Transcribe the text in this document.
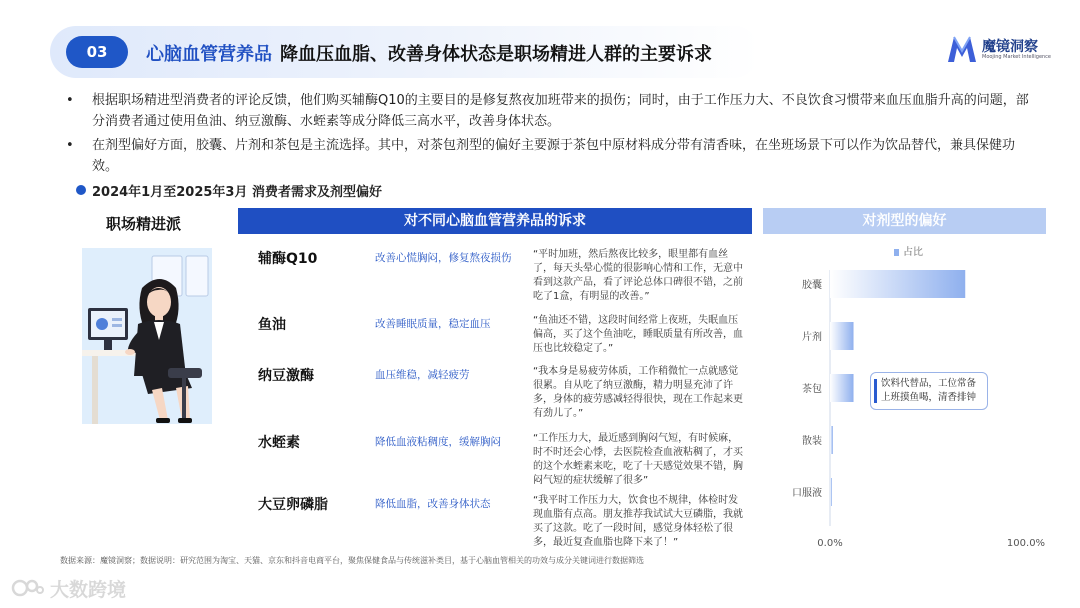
03	心脑血管营养品 降血压血脂、改善身体状态是职场精进人群的主要诉求	魔镜洞察
Moojing Market Intelligence
• 根据职场精进型消费者的评论反馈，他们购买辅酶Q10的主要目的是修复熬夜加班带来的损伤；同时，由于工作压力大、不良饮食习惯带来血压血脂升高的问题，部分消费者通过使用鱼油、纳豆激酶、水蛭素等成分降低三高水平，改善身体状态。
• 在剂型偏好方面，胶囊、片剂和茶包是主流选择。其中，对茶包剂型的偏好主要源于茶包中原材料成分带有清香味，在坐班场景下可以作为饮品替代，兼具保健功效。
2024年1月至2025年3月 消费者需求及剂型偏好
职场精进派	对不同心脑血管营养品的诉求	对剂型的偏好
辅酶Q10	改善心慌胸闷，修复熬夜损伤 “平时加班，然后熬夜比较多，眼里都有血丝了，每天头晕心慌的很影响心情和工作，无意中看到这款产品，看了评论总体口碑很不错，之前吃了1盒，有明显的改善。”
鱼油	改善睡眠质量，稳定血压	“鱼油还不错，这段时间经常上夜班，失眠血压偏高，买了这个鱼油吃，睡眠质量有所改善，血压也比较稳定了。”
纳豆激酶	血压维稳，减轻疲劳	“我本身是易疲劳体质，工作稍微忙一点就感觉很累。自从吃了纳豆激酶，精力明显充沛了许多，身体的疲劳感减轻得很快，现在工作起来更有劲儿了。”
水蛭素	降低血液粘稠度，缓解胸闷	“工作压力大，最近感到胸闷气短，有时候麻，时不时还会心悸，去医院检查血液粘稠了，才买的这个水蛭素来吃，吃了十天感觉效果不错，胸闷气短的症状缓解了很多”
大豆卵磷脂	降低血脂，改善身体状态	“我平时工作压力大，饮食也不规律，体检时发现血脂有点高。朋友推荐我试试大豆磷脂，我就买了这款。吃了一段时间，感觉身体轻松了很多，最近复查血脂也降下来了！”
占比
胶囊
片剂
茶包
散装
口服液
0.0%	100.0%
饮料代替品，工位常备上班摸鱼喝，清香排钟
数据来源：魔镜洞察；数据说明：研究范围为淘宝、天猫、京东和抖音电商平台，聚焦保健食品与传统滋补类目，基于心脑血管相关的功效与成分关键词进行数据筛选
大数跨境
